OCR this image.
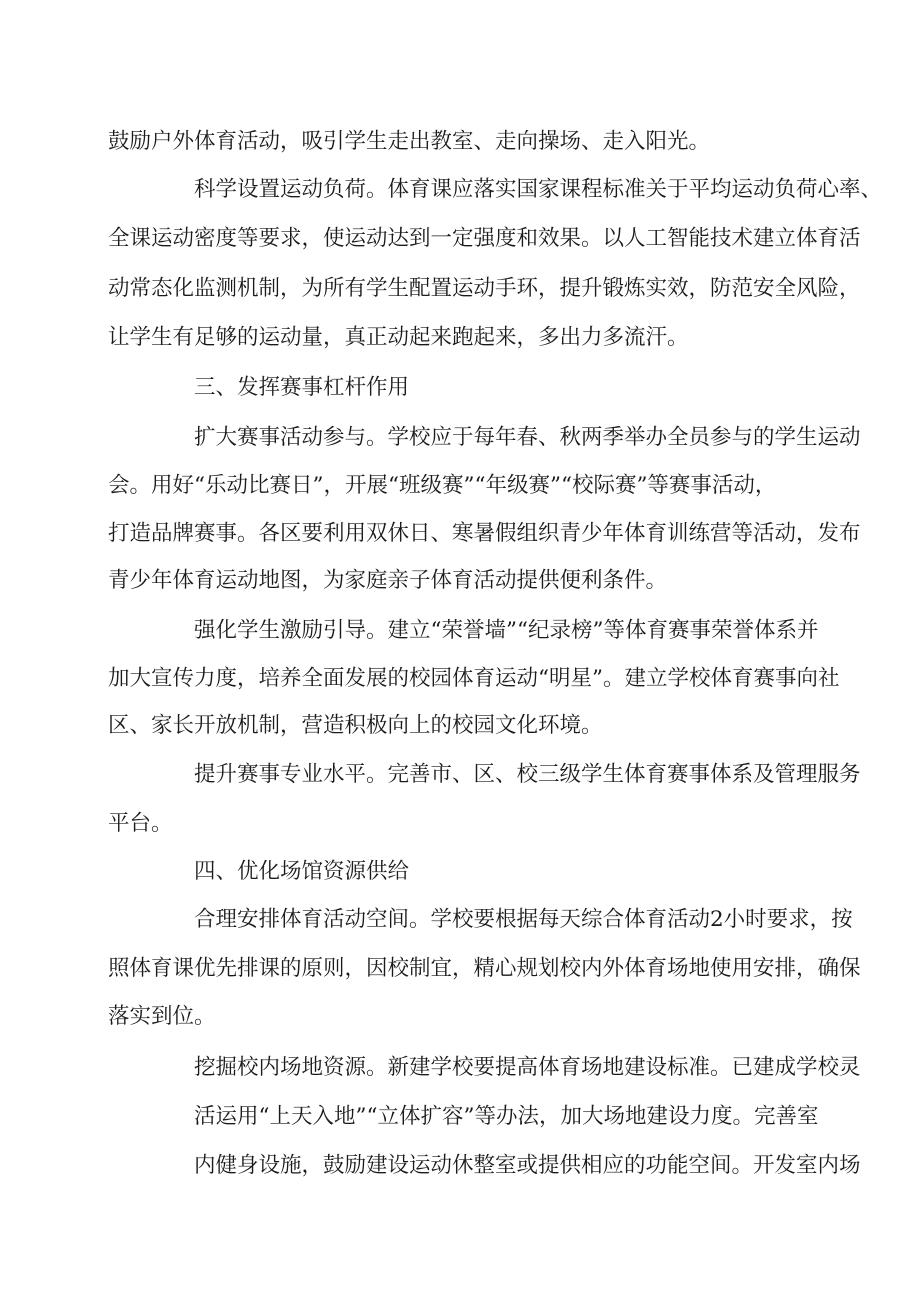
鼓励户外体育活动，吸引学生走出教室、走向操场、走入阳光。

科学设置运动负荷。体育课应落实国家课程标准关于平均运动负荷心率、

全课运动密度等要求，使运动达到一定强度和效果。以人工智能技术建立体育活

动常态化监测机制，为所有学生配置运动手环，提升锻炼实效，防范安全风险，

让学生有足够的运动量，真正动起来跑起来，多出力多流汗。

三、发挥赛事杠杆作用

扩大赛事活动参与。学校应于每年春、秋两季举办全员参与的学生运动

会。用好“乐动比赛日”，开展“班级赛”“年级赛”“校际赛”等赛事活动，

打造品牌赛事。各区要利用双休日、寒暑假组织青少年体育训练营等活动，发布

青少年体育运动地图，为家庭亲子体育活动提供便利条件。

强化学生激励引导。建立“荣誉墙”“纪录榜”等体育赛事荣誉体系并

加大宣传力度，培养全面发展的校园体育运动“明星”。建立学校体育赛事向社

区、家长开放机制，营造积极向上的校园文化环境。

提升赛事专业水平。完善市、区、校三级学生体育赛事体系及管理服务

平台。

四、优化场馆资源供给

合理安排体育活动空间。学校要根据每天综合体育活动2小时要求，按

照体育课优先排课的原则，因校制宜，精心规划校内外体育场地使用安排，确保

落实到位。

挖掘校内场地资源。新建学校要提高体育场地建设标准。已建成学校灵

活运用“上天入地”“立体扩容”等办法，加大场地建设力度。完善室

内健身设施，鼓励建设运动休整室或提供相应的功能空间。开发室内场
